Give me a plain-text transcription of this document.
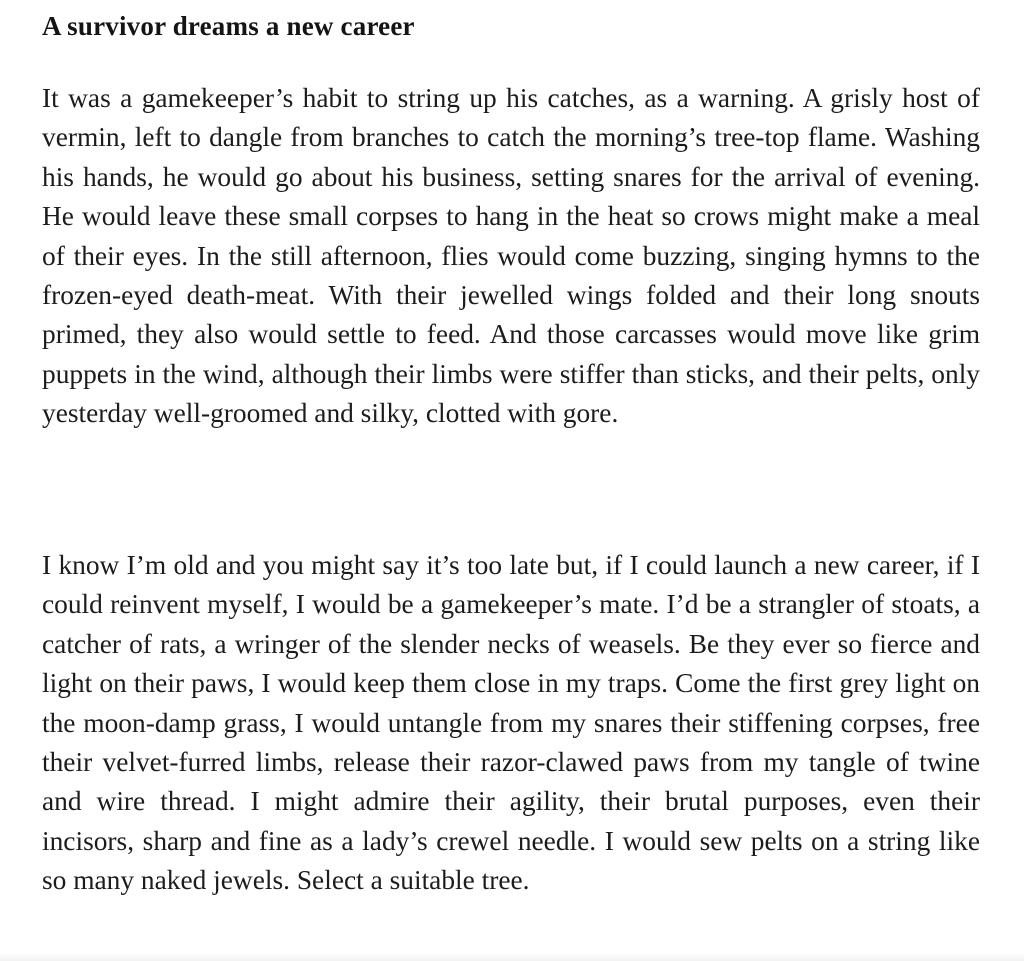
A survivor dreams a new career

It was a gamekeeper’s habit to string up his catches, as a warning. A grisly host of vermin, left to dangle from branches to catch the morning’s tree-top flame. Washing his hands, he would go about his business, setting snares for the arrival of evening. He would leave these small corpses to hang in the heat so crows might make a meal of their eyes. In the still afternoon, flies would come buzzing, singing hymns to the frozen-eyed death-meat. With their jewelled wings folded and their long snouts primed, they also would settle to feed. And those carcasses would move like grim puppets in the wind, although their limbs were stiffer than sticks, and their pelts, only yesterday well-groomed and silky, clotted with gore.

I know I’m old and you might say it’s too late but, if I could launch a new career, if I could reinvent myself, I would be a gamekeeper’s mate. I’d be a strangler of stoats, a catcher of rats, a wringer of the slender necks of weasels. Be they ever so fierce and light on their paws, I would keep them close in my traps. Come the first grey light on the moon-damp grass, I would untangle from my snares their stiffening corpses, free their velvet-furred limbs, release their razor-clawed paws from my tangle of twine and wire thread. I might admire their agility, their brutal purposes, even their incisors, sharp and fine as a lady’s crewel needle. I would sew pelts on a string like so many naked jewels. Select a suitable tree.
